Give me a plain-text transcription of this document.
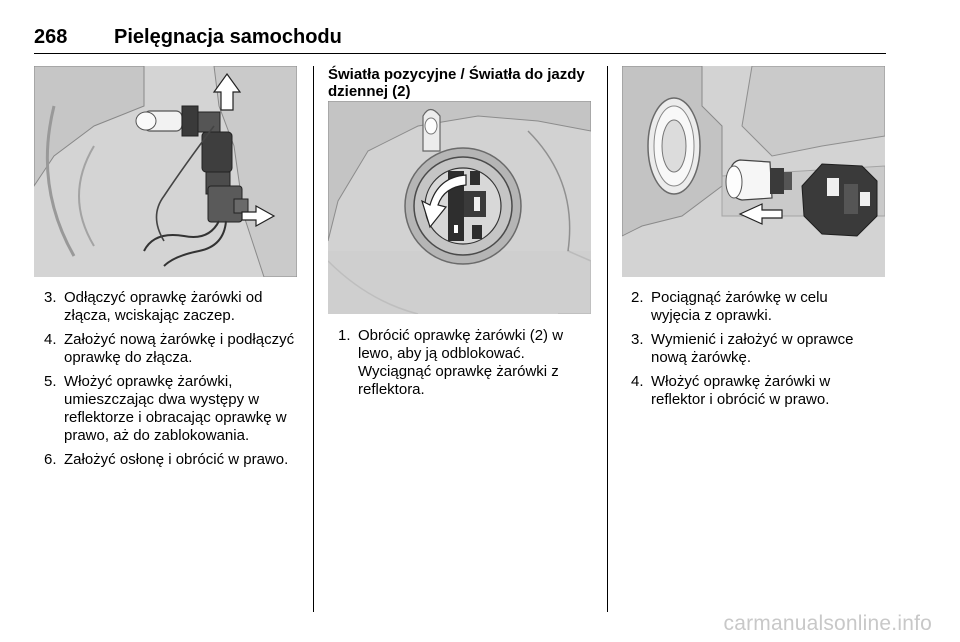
268 Pielęgnacja samochodu
3. Odłączyć oprawkę żarówki od złącza, wciskając zaczep.
4. Założyć nową żarówkę i podłączyć oprawkę do złącza.
5. Włożyć oprawkę żarówki, umieszczając dwa występy w reflektorze i obracając oprawkę w prawo, aż do zablokowania.
6. Założyć osłonę i obrócić w prawo.
Światła pozycyjne / Światła do jazdy dziennej (2)
1. Obrócić oprawkę żarówki (2) w lewo, aby ją odblokować. Wyciągnąć oprawkę żarówki z reflektora.
2. Pociągnąć żarówkę w celu wyjęcia z oprawki.
3. Wymienić i założyć w oprawce nową żarówkę.
4. Włożyć oprawkę żarówki w reflektor i obrócić w prawo.
carmanualsonline.info
